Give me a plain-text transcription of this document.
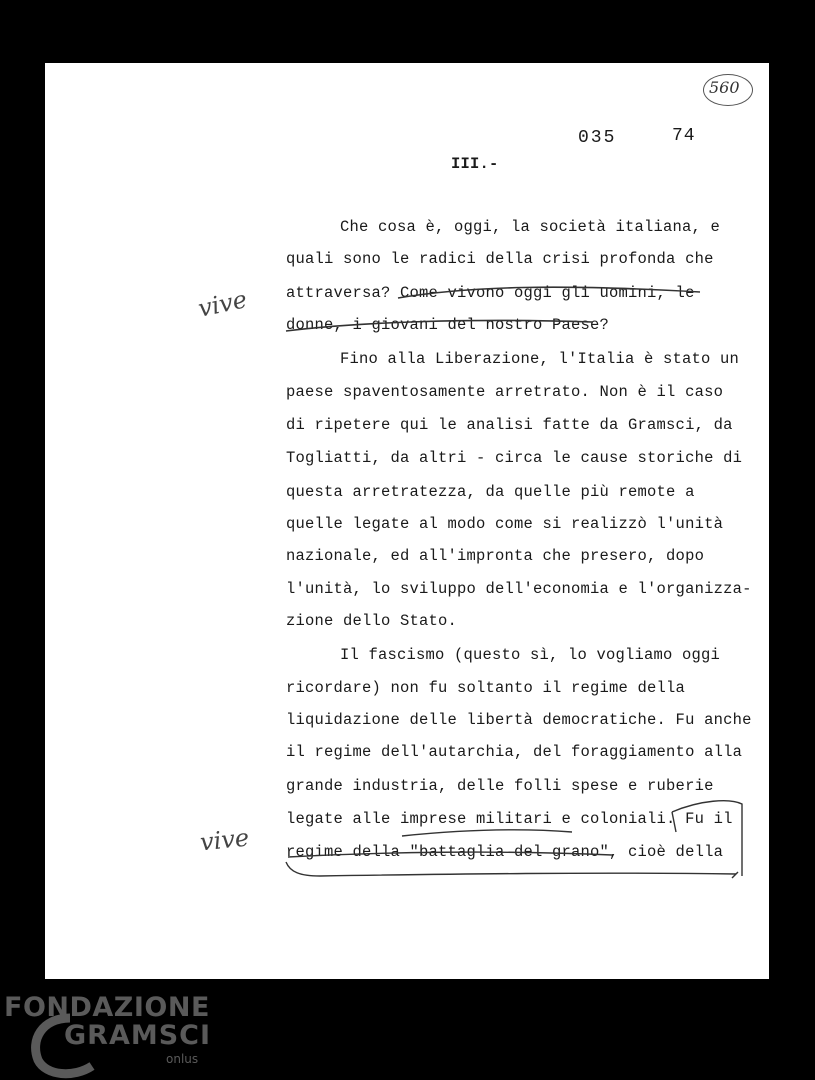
560
035	74
III.-
Che cosa è, oggi, la società italiana, e
quali sono le radici della crisi profonda che
attraversa? Come vivono oggi gli uomini, le
donne, i giovani del nostro Paese?
Fino alla Liberazione, l'Italia è stato un
paese spaventosamente arretrato. Non è il caso
di ripetere qui le analisi fatte da Gramsci, da
Togliatti, da altri - circa le cause storiche di
questa arretratezza, da quelle più remote a
quelle legate al modo come si realizzò l'unità
nazionale, ed all'impronta che presero, dopo
l'unità, lo sviluppo dell'economia e l'organizza-
zione dello Stato.
Il fascismo (questo sì, lo vogliamo oggi
ricordare) non fu soltanto il regime della
liquidazione delle libertà democratiche. Fu anche
il regime dell'autarchia, del foraggiamento alla
grande industria, delle folli spese e ruberie
legate alle imprese militari e coloniali. Fu il
regime della "battaglia del grano", cioè della
vive
vive
FONDAZIONE
GRAMSCI
onlus
